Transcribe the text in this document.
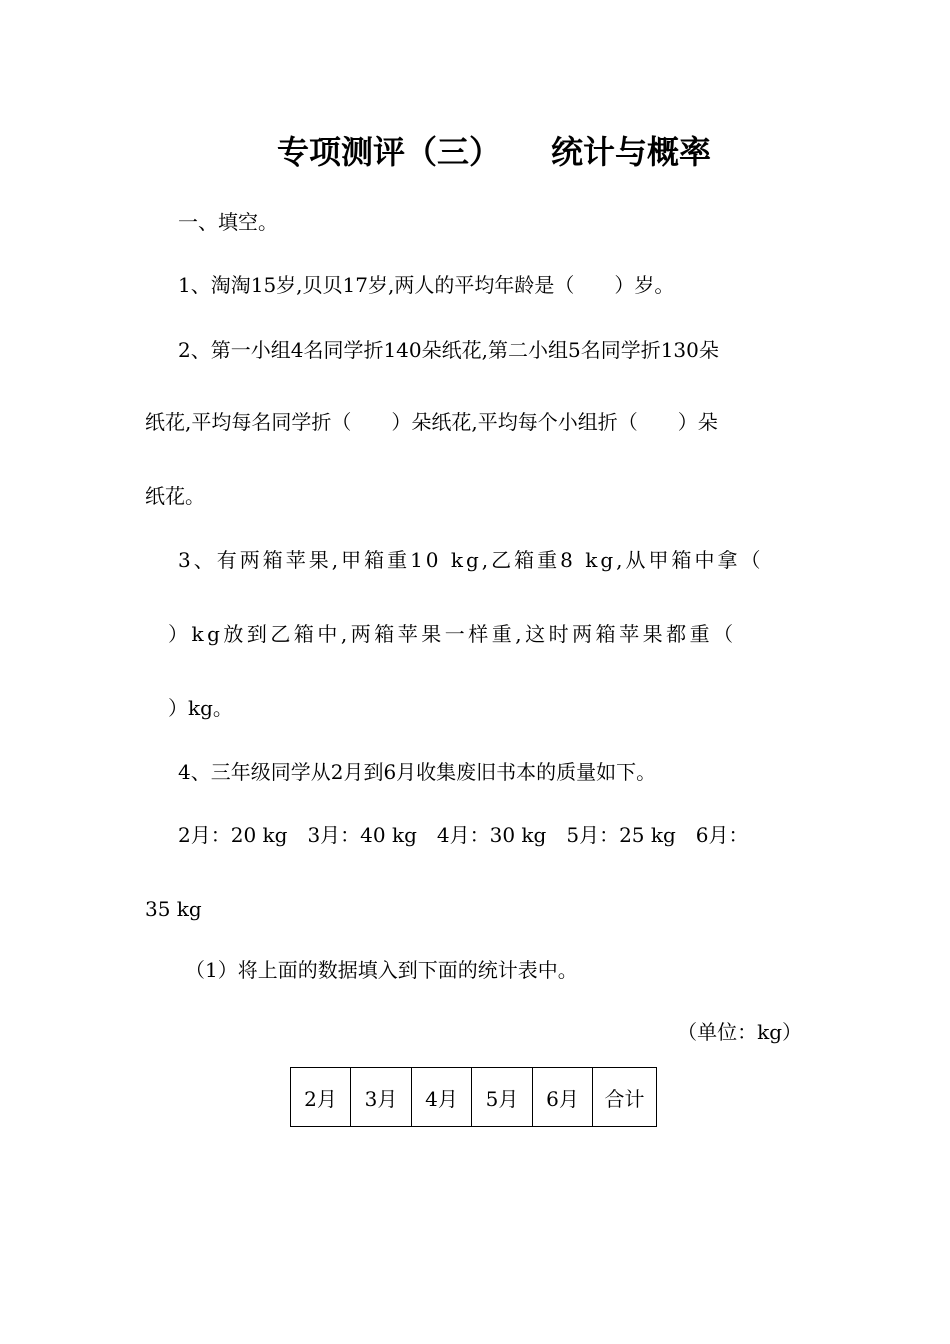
专项测评（三） 统计与概率
一、填空。
1、淘淘15岁,贝贝17岁,两人的平均年龄是（　　）岁。
2、第一小组4名同学折140朵纸花,第二小组5名同学折130朵
纸花,平均每名同学折（　　）朵纸花,平均每个小组折（　　）朵
纸花。
3、有两箱苹果,甲箱重10 kg,乙箱重8 kg,从甲箱中拿（
）kg放到乙箱中,两箱苹果一样重,这时两箱苹果都重（
）kg。
4、三年级同学从2月到6月收集废旧书本的质量如下。
2月：20 kg　3月：40 kg　4月：30 kg　5月：25 kg　6月：
35 kg
（1）将上面的数据填入到下面的统计表中。
（单位：kg）
2月	3月	4月	5月	6月	合计
